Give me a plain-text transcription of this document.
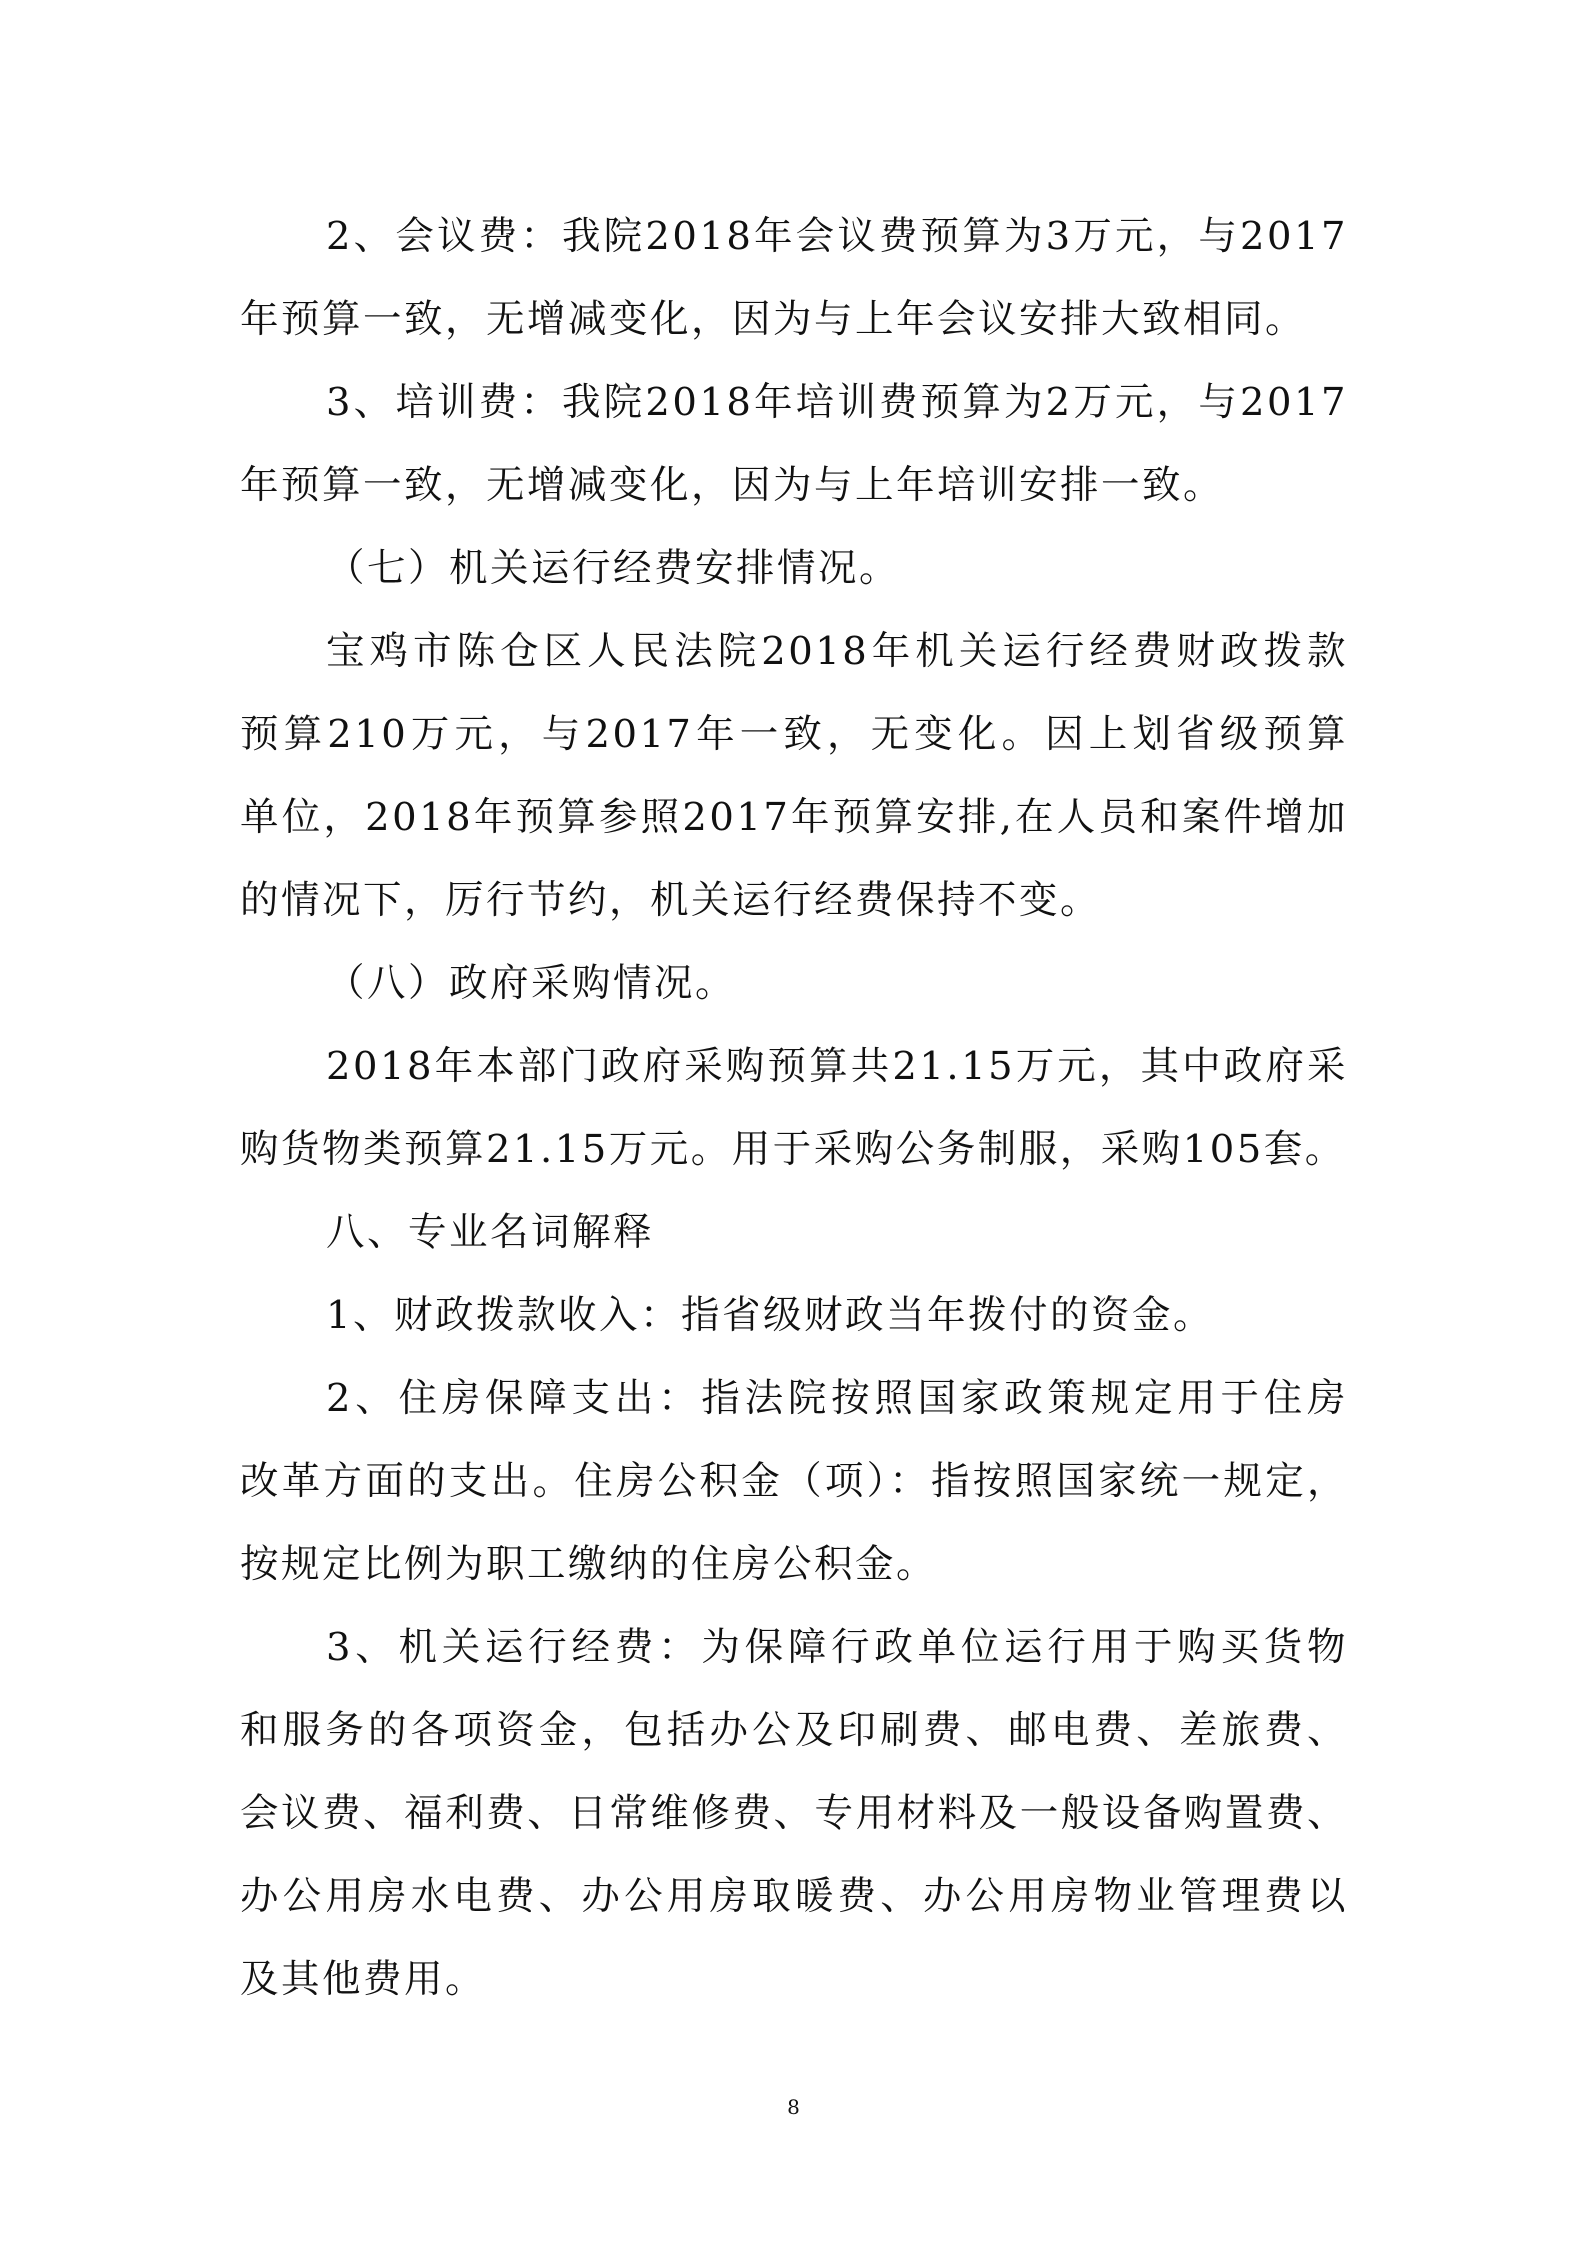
2、会议费：我院2018年会议费预算为3万元，与2017
年预算一致，无增减变化，因为与上年会议安排大致相同。
3、培训费：我院2018年培训费预算为2万元，与2017
年预算一致，无增减变化，因为与上年培训安排一致。
（七）机关运行经费安排情况。
宝鸡市陈仓区人民法院2018年机关运行经费财政拨款
预算210万元，与2017年一致，无变化。因上划省级预算
单位，2018年预算参照2017年预算安排,在人员和案件增加
的情况下，厉行节约，机关运行经费保持不变。
（八）政府采购情况。
2018年本部门政府采购预算共21.15万元，其中政府采
购货物类预算21.15万元。用于采购公务制服，采购105套。
八、专业名词解释
1、财政拨款收入：指省级财政当年拨付的资金。
2、住房保障支出：指法院按照国家政策规定用于住房
改革方面的支出。住房公积金（项）：指按照国家统一规定，
按规定比例为职工缴纳的住房公积金。
3、机关运行经费：为保障行政单位运行用于购买货物
和服务的各项资金，包括办公及印刷费、邮电费、差旅费、
会议费、福利费、日常维修费、专用材料及一般设备购置费、
办公用房水电费、办公用房取暖费、办公用房物业管理费以
及其他费用。
8
